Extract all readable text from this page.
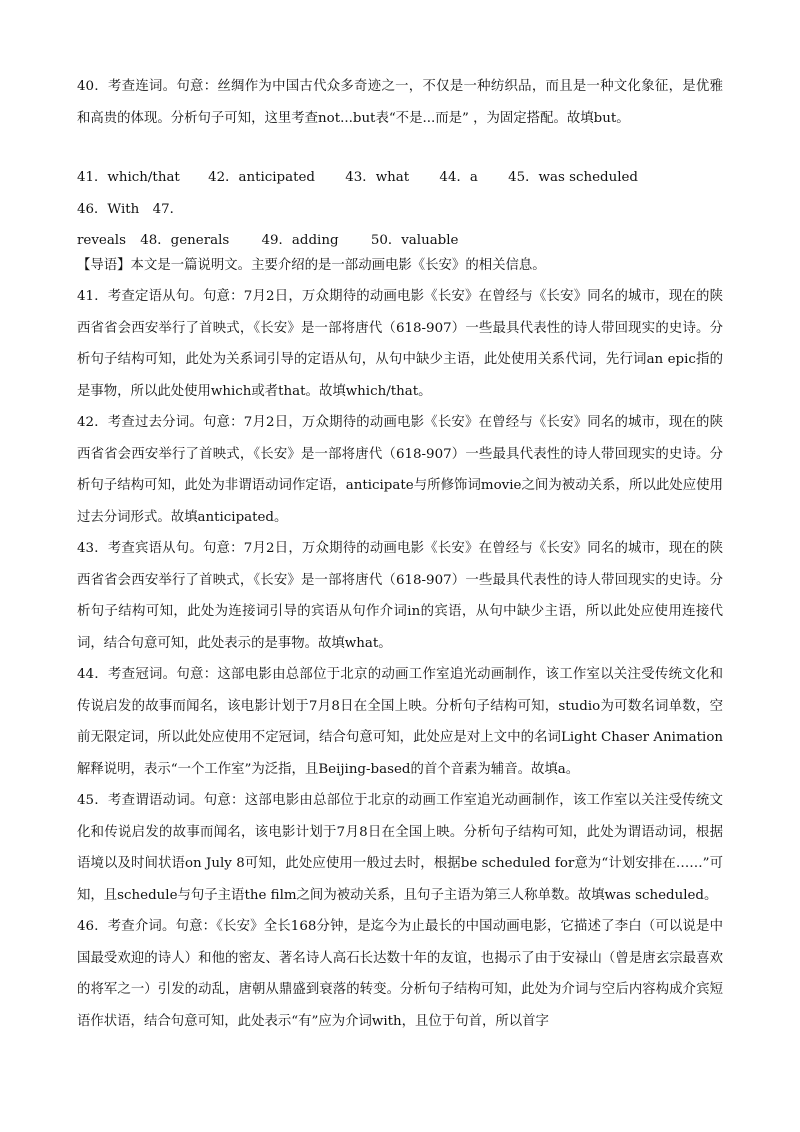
40．考查连词。句意：丝绸作为中国古代众多奇迹之一，不仅是一种纺织品，而且是一种文化象征，是优雅和高贵的体现。分析句子可知，这里考查not...but表“不是...而是” ，为固定搭配。故填but。

41．which/that 42．anticipated 43．what 44．a 45．was scheduled 46．With　47．
reveals 48．generals 49．adding 50．valuable

【导语】本文是一篇说明文。主要介绍的是一部动画电影《长安》的相关信息。

41．考查定语从句。句意：7月2日，万众期待的动画电影《长安》在曾经与《长安》同名的城市，现在的陕西省省会西安举行了首映式，《长安》是一部将唐代（618-907）一些最具代表性的诗人带回现实的史诗。分析句子结构可知，此处为关系词引导的定语从句，从句中缺少主语，此处使用关系代词，先行词an epic指的是事物，所以此处使用which或者that。故填which/that。

42．考查过去分词。句意：7月2日，万众期待的动画电影《长安》在曾经与《长安》同名的城市，现在的陕西省省会西安举行了首映式，《长安》是一部将唐代（618-907）一些最具代表性的诗人带回现实的史诗。分析句子结构可知，此处为非谓语动词作定语，anticipate与所修饰词movie之间为被动关系，所以此处应使用过去分词形式。故填anticipated。

43．考查宾语从句。句意：7月2日，万众期待的动画电影《长安》在曾经与《长安》同名的城市，现在的陕西省省会西安举行了首映式，《长安》是一部将唐代（618-907）一些最具代表性的诗人带回现实的史诗。分析句子结构可知，此处为连接词引导的宾语从句作介词in的宾语，从句中缺少主语，所以此处应使用连接代词，结合句意可知，此处表示的是事物。故填what。

44．考查冠词。句意：这部电影由总部位于北京的动画工作室追光动画制作，该工作室以关注受传统文化和传说启发的故事而闻名，该电影计划于7月8日在全国上映。分析句子结构可知，studio为可数名词单数，空前无限定词，所以此处应使用不定冠词，结合句意可知，此处应是对上文中的名词Light Chaser Animation解释说明，表示“一个工作室”为泛指，且Beijing-based的首个音素为辅音。故填a。

45．考查谓语动词。句意：这部电影由总部位于北京的动画工作室追光动画制作，该工作室以关注受传统文化和传说启发的故事而闻名，该电影计划于7月8日在全国上映。分析句子结构可知，此处为谓语动词，根据语境以及时间状语on July 8可知，此处应使用一般过去时，根据be scheduled for意为“计划安排在……”可知，且schedule与句子主语the film之间为被动关系，且句子主语为第三人称单数。故填was scheduled。

46．考查介词。句意：《长安》全长168分钟，是迄今为止最长的中国动画电影，它描述了李白（可以说是中国最受欢迎的诗人）和他的密友、著名诗人高石长达数十年的友谊，也揭示了由于安禄山（曾是唐玄宗最喜欢的将军之一）引发的动乱，唐朝从鼎盛到衰落的转变。分析句子结构可知，此处为介词与空后内容构成介宾短语作状语，结合句意可知，此处表示“有”应为介词with，且位于句首，所以首字
